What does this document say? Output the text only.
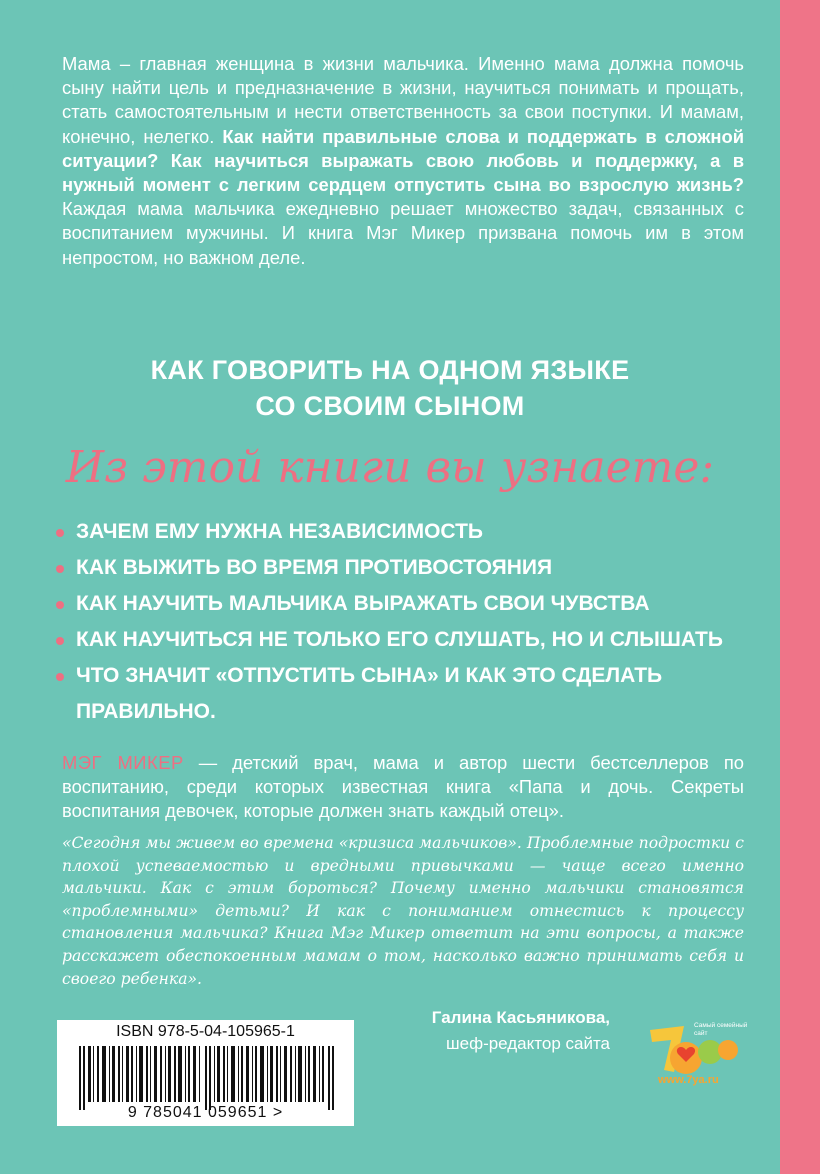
Мама – главная женщина в жизни мальчика. Именно мама должна помочь сыну найти цель и предназначение в жизни, научиться понимать и прощать, стать самостоятельным и нести ответственность за свои поступки. И мамам, конечно, нелегко. Как найти правильные слова и поддержать в сложной ситуации? Как научиться выражать свою любовь и поддержку, а в нужный момент с легким сердцем отпустить сына во взрослую жизнь? Каждая мама мальчика ежедневно решает множество задач, связанных с воспитанием мужчины. И книга Мэг Микер призвана помочь им в этом непростом, но важном деле.

КАК ГОВОРИТЬ НА ОДНОМ ЯЗЫКЕ
СО СВОИМ СЫНОМ
Из этой книги вы узнаете:
ЗАЧЕМ ЕМУ НУЖНА НЕЗАВИСИМОСТЬ
КАК ВЫЖИТЬ ВО ВРЕМЯ ПРОТИВОСТОЯНИЯ
КАК НАУЧИТЬ МАЛЬЧИКА ВЫРАЖАТЬ СВОИ ЧУВСТВА
КАК НАУЧИТЬСЯ НЕ ТОЛЬКО ЕГО СЛУШАТЬ, НО И СЛЫШАТЬ
ЧТО ЗНАЧИТ «ОТПУСТИТЬ СЫНА» И КАК ЭТО СДЕЛАТЬ ПРАВИЛЬНО.

МЭГ МИКЕР — детский врач, мама и автор шести бестселлеров по воспитанию, среди которых известная книга «Папа и дочь. Секреты воспитания девочек, которые должен знать каждый отец».

«Сегодня мы живем во времена «кризиса мальчиков». Проблемные подростки с плохой успеваемостью и вредными привычками — чаще всего именно мальчики. Как с этим бороться? Почему именно мальчики становятся «проблемными» детьми? И как с пониманием отнестись к процессу становления мальчика? Книга Мэг Микер ответит на эти вопросы, а также расскажет обеспокоенным мамам о том, насколько важно принимать себя и своего ребенка».

Галина Касьяникова,
шеф-редактор сайта
ISBN 978-5-04-105965-1
9 785041 059651 >
Самый семейный сайт
www.7ya.ru
